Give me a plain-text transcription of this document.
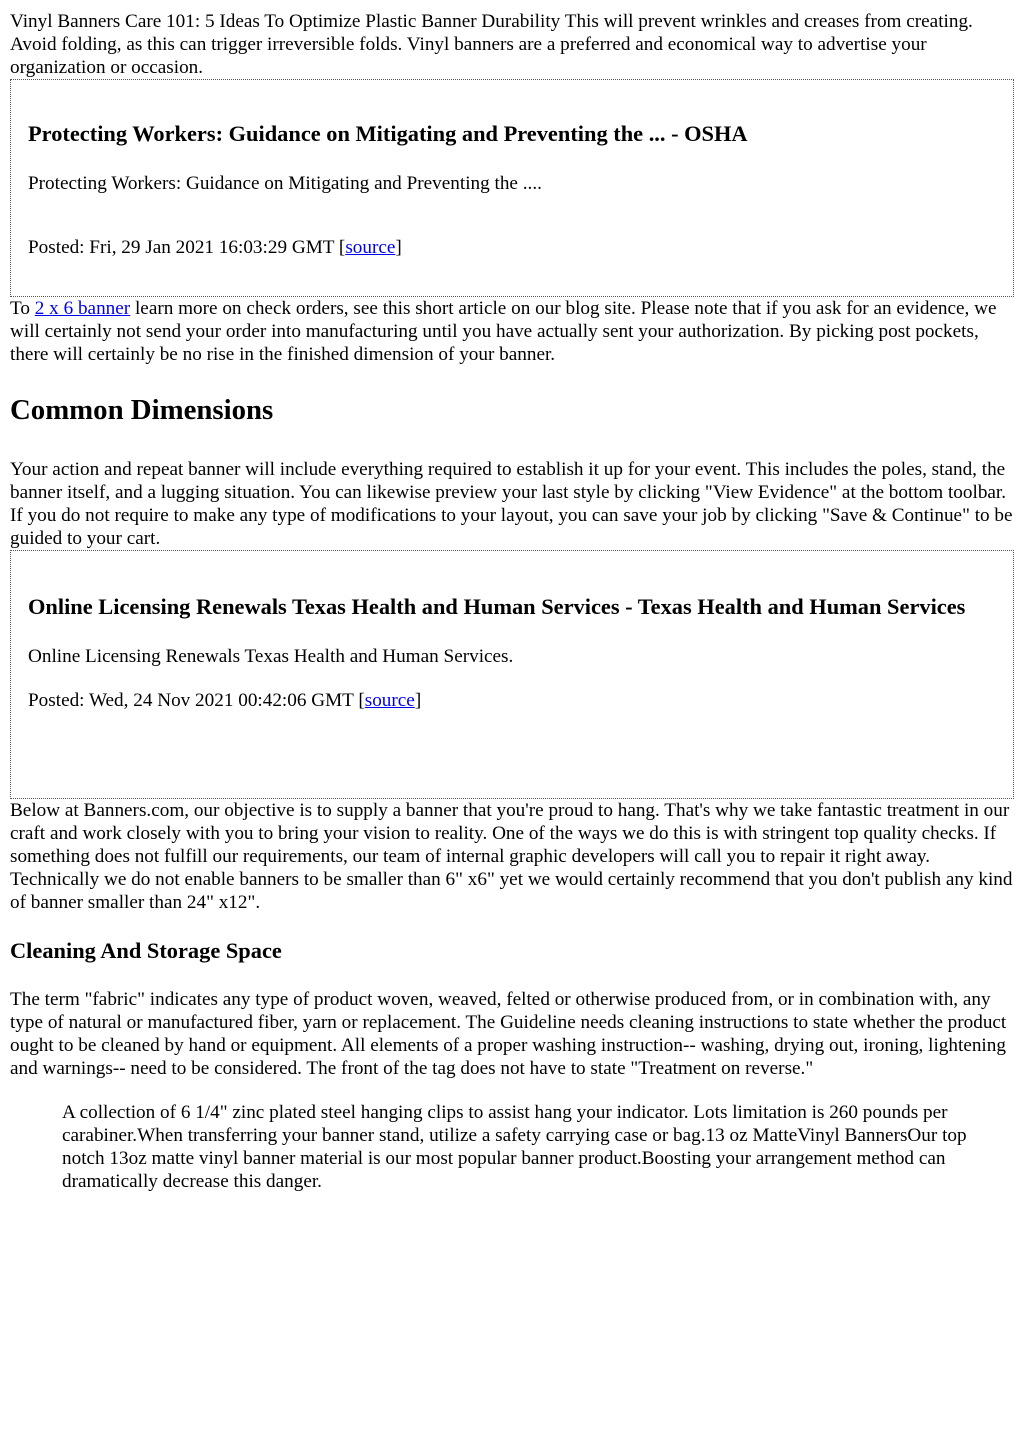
Vinyl Banners Care 101: 5 Ideas To Optimize Plastic Banner Durability This will prevent wrinkles and creases from creating. Avoid folding, as this can trigger irreversible folds. Vinyl banners are a preferred and economical way to advertise your organization or occasion.

Protecting Workers: Guidance on Mitigating and Preventing the ... - OSHA

Protecting Workers: Guidance on Mitigating and Preventing the ....

Posted: Fri, 29 Jan 2021 16:03:29 GMT [source]

To 2 x 6 banner learn more on check orders, see this short article on our blog site. Please note that if you ask for an evidence, we will certainly not send your order into manufacturing until you have actually sent your authorization. By picking post pockets, there will certainly be no rise in the finished dimension of your banner.

Common Dimensions

Your action and repeat banner will include everything required to establish it up for your event. This includes the poles, stand, the banner itself, and a lugging situation. You can likewise preview your last style by clicking "View Evidence" at the bottom toolbar. If you do not require to make any type of modifications to your layout, you can save your job by clicking "Save & Continue" to be guided to your cart.

Online Licensing Renewals Texas Health and Human Services - Texas Health and Human Services

Online Licensing Renewals Texas Health and Human Services.

Posted: Wed, 24 Nov 2021 00:42:06 GMT [source]

Below at Banners.com, our objective is to supply a banner that you're proud to hang. That's why we take fantastic treatment in our craft and work closely with you to bring your vision to reality. One of the ways we do this is with stringent top quality checks. If something does not fulfill our requirements, our team of internal graphic developers will call you to repair it right away. Technically we do not enable banners to be smaller than 6" x6" yet we would certainly recommend that you don't publish any kind of banner smaller than 24" x12".

Cleaning And Storage Space

The term "fabric" indicates any type of product woven, weaved, felted or otherwise produced from, or in combination with, any type of natural or manufactured fiber, yarn or replacement. The Guideline needs cleaning instructions to state whether the product ought to be cleaned by hand or equipment. All elements of a proper washing instruction-- washing, drying out, ironing, lightening and warnings-- need to be considered. The front of the tag does not have to state "Treatment on reverse."

A collection of 6 1/4" zinc plated steel hanging clips to assist hang your indicator. Lots limitation is 260 pounds per carabiner.When transferring your banner stand, utilize a safety carrying case or bag.13 oz MatteVinyl BannersOur top notch 13oz matte vinyl banner material is our most popular banner product.Boosting your arrangement method can dramatically decrease this danger.
